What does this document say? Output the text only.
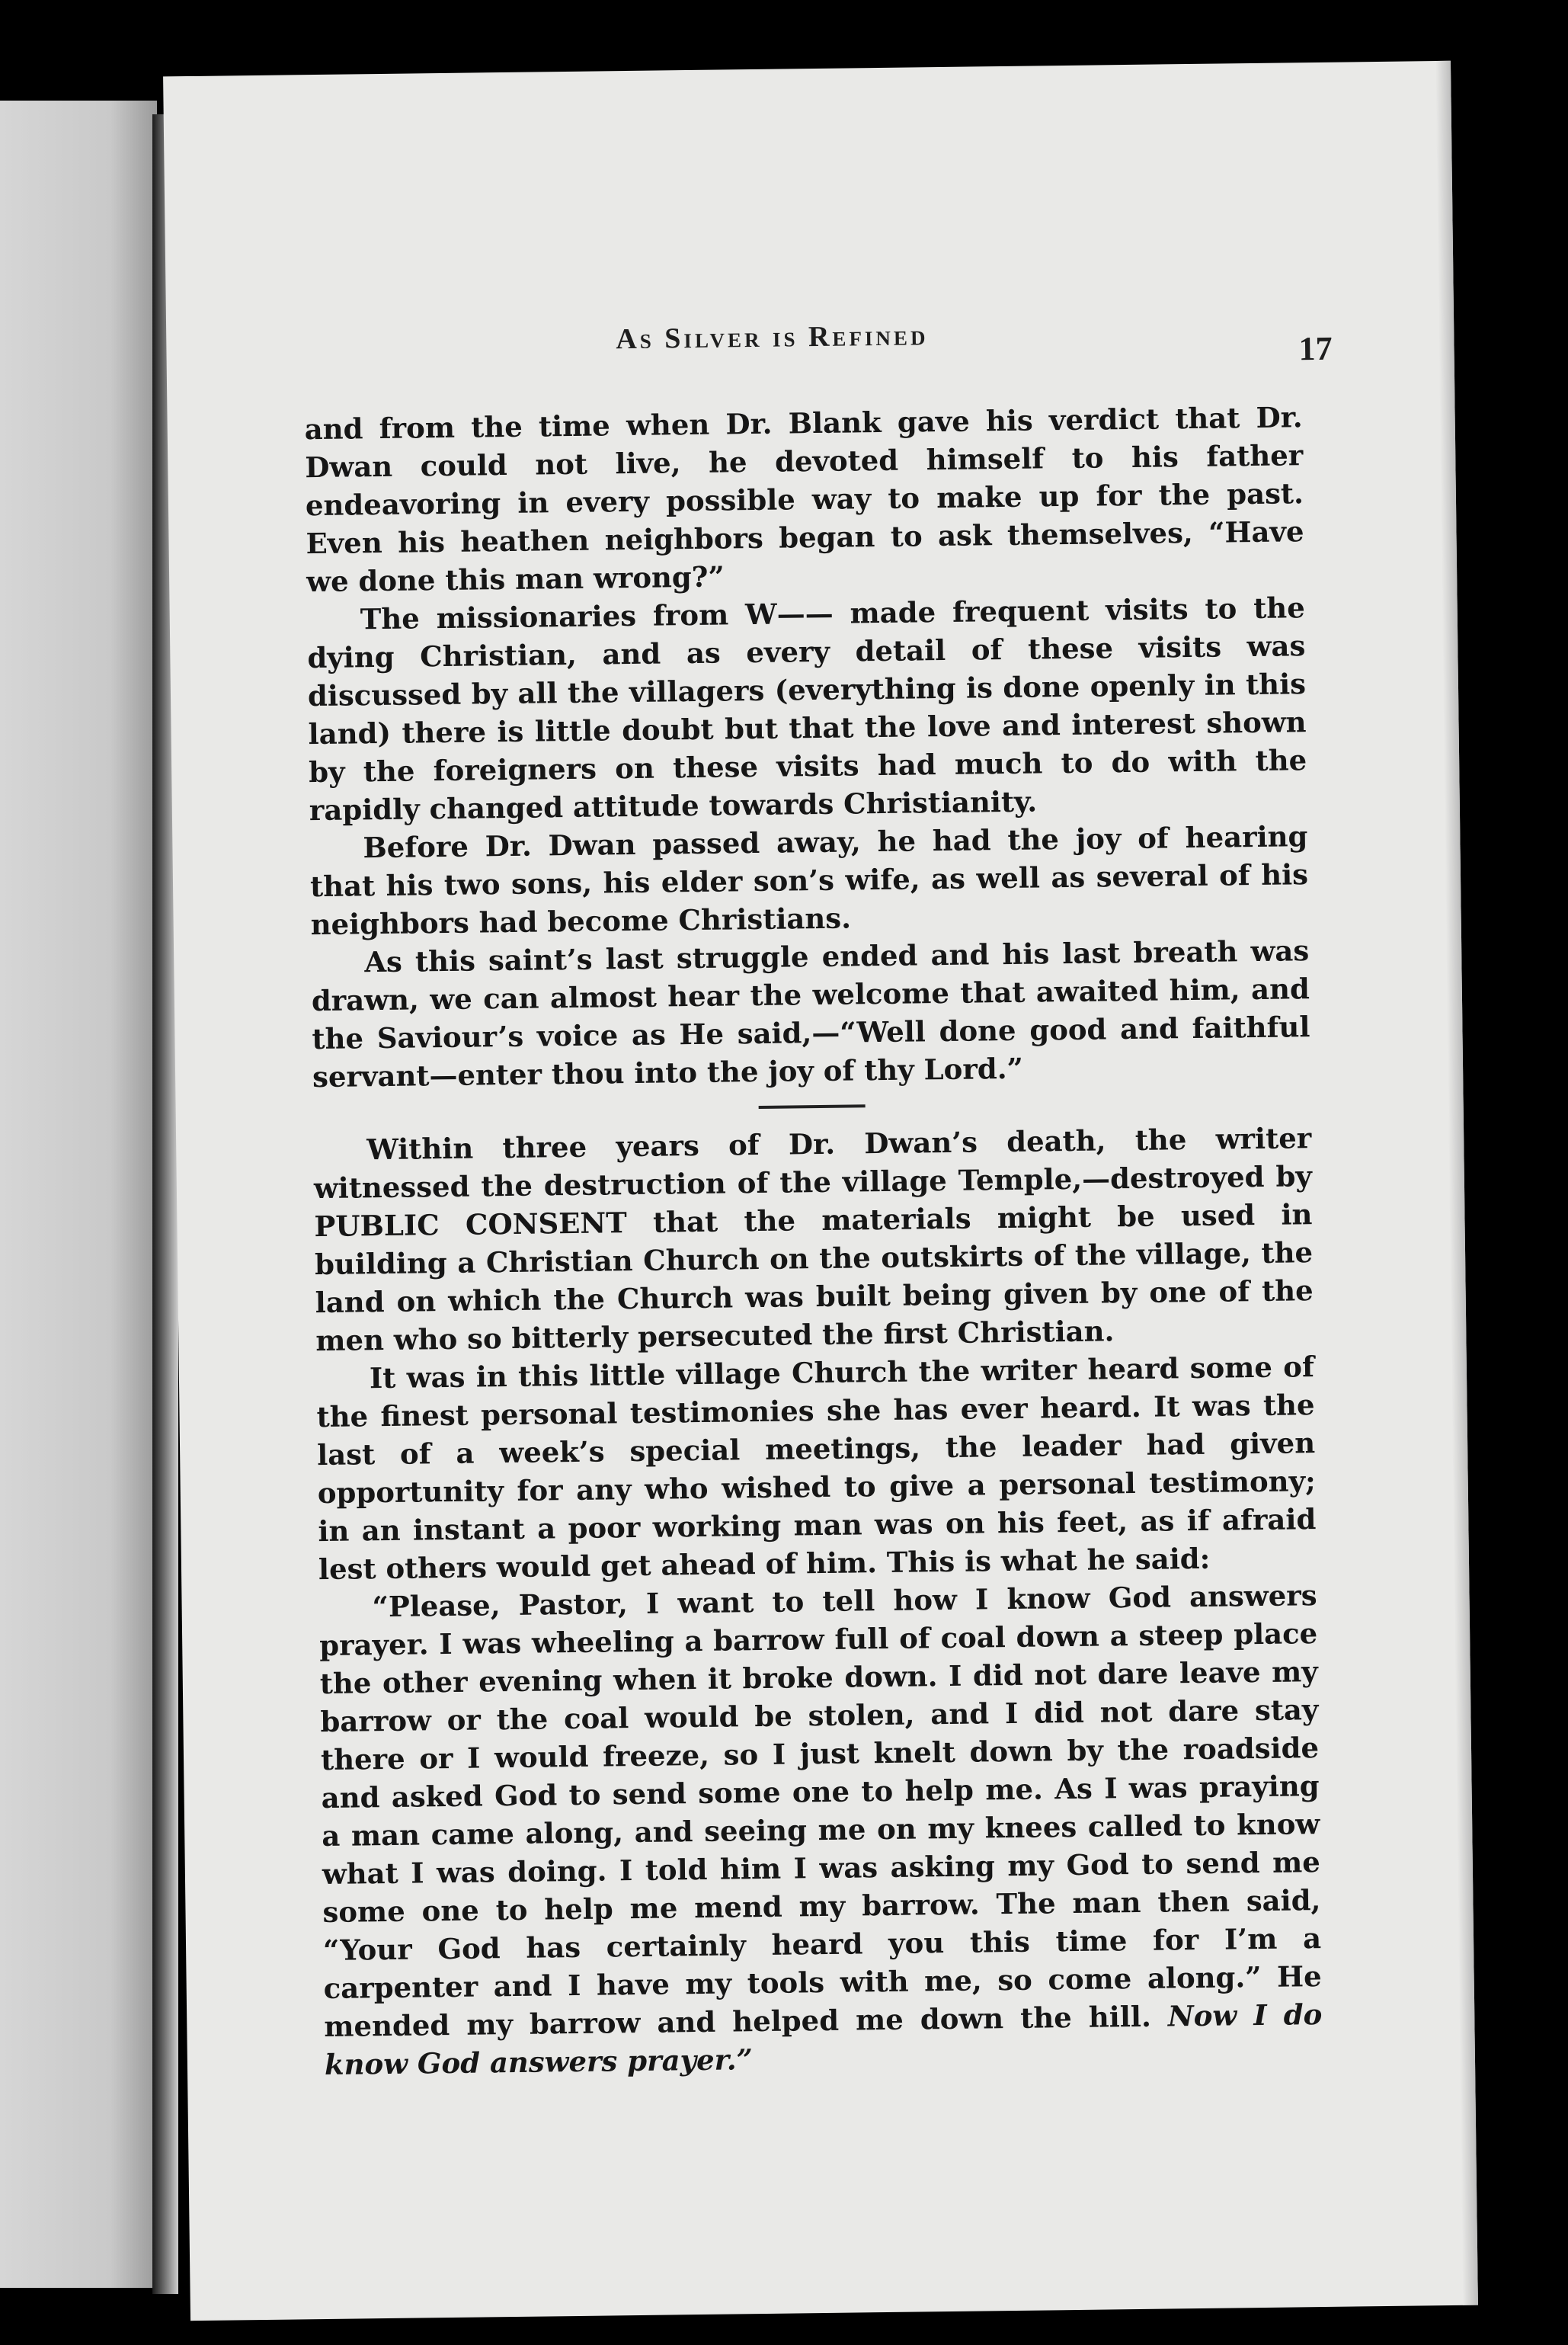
As Silver is Refined	17

and from the time when Dr. Blank gave his verdict that Dr. Dwan could not live, he devoted himself to his father endeavoring in every possible way to make up for the past. Even his heathen neighbors began to ask themselves, “Have we done this man wrong?”

The missionaries from W—— made frequent visits to the dying Christian, and as every detail of these visits was discussed by all the villagers (everything is done openly in this land) there is little doubt but that the love and interest shown by the foreigners on these visits had much to do with the rapidly changed attitude towards Christianity.

Before Dr. Dwan passed away, he had the joy of hearing that his two sons, his elder son’s wife, as well as several of his neighbors had become Christians.

As this saint’s last struggle ended and his last breath was drawn, we can almost hear the welcome that awaited him, and the Saviour’s voice as He said,—“Well done good and faithful servant—enter thou into the joy of thy Lord.”

Within three years of Dr. Dwan’s death, the writer witnessed the destruction of the village Temple,—destroyed by PUBLIC CONSENT that the materials might be used in building a Christian Church on the outskirts of the village, the land on which the Church was built being given by one of the men who so bitterly persecuted the first Christian.

It was in this little village Church the writer heard some of the finest personal testimonies she has ever heard. It was the last of a week’s special meetings, the leader had given opportunity for any who wished to give a personal testimony; in an instant a poor working man was on his feet, as if afraid lest others would get ahead of him. This is what he said:

“Please, Pastor, I want to tell how I know God answers prayer. I was wheeling a barrow full of coal down a steep place the other evening when it broke down. I did not dare leave my barrow or the coal would be stolen, and I did not dare stay there or I would freeze, so I just knelt down by the roadside and asked God to send some one to help me. As I was praying a man came along, and seeing me on my knees called to know what I was doing. I told him I was asking my God to send me some one to help me mend my barrow. The man then said, “Your God has certainly heard you this time for I’m a carpenter and I have my tools with me, so come along.” He mended my barrow and helped me down the hill. Now I do know God answers prayer.”
